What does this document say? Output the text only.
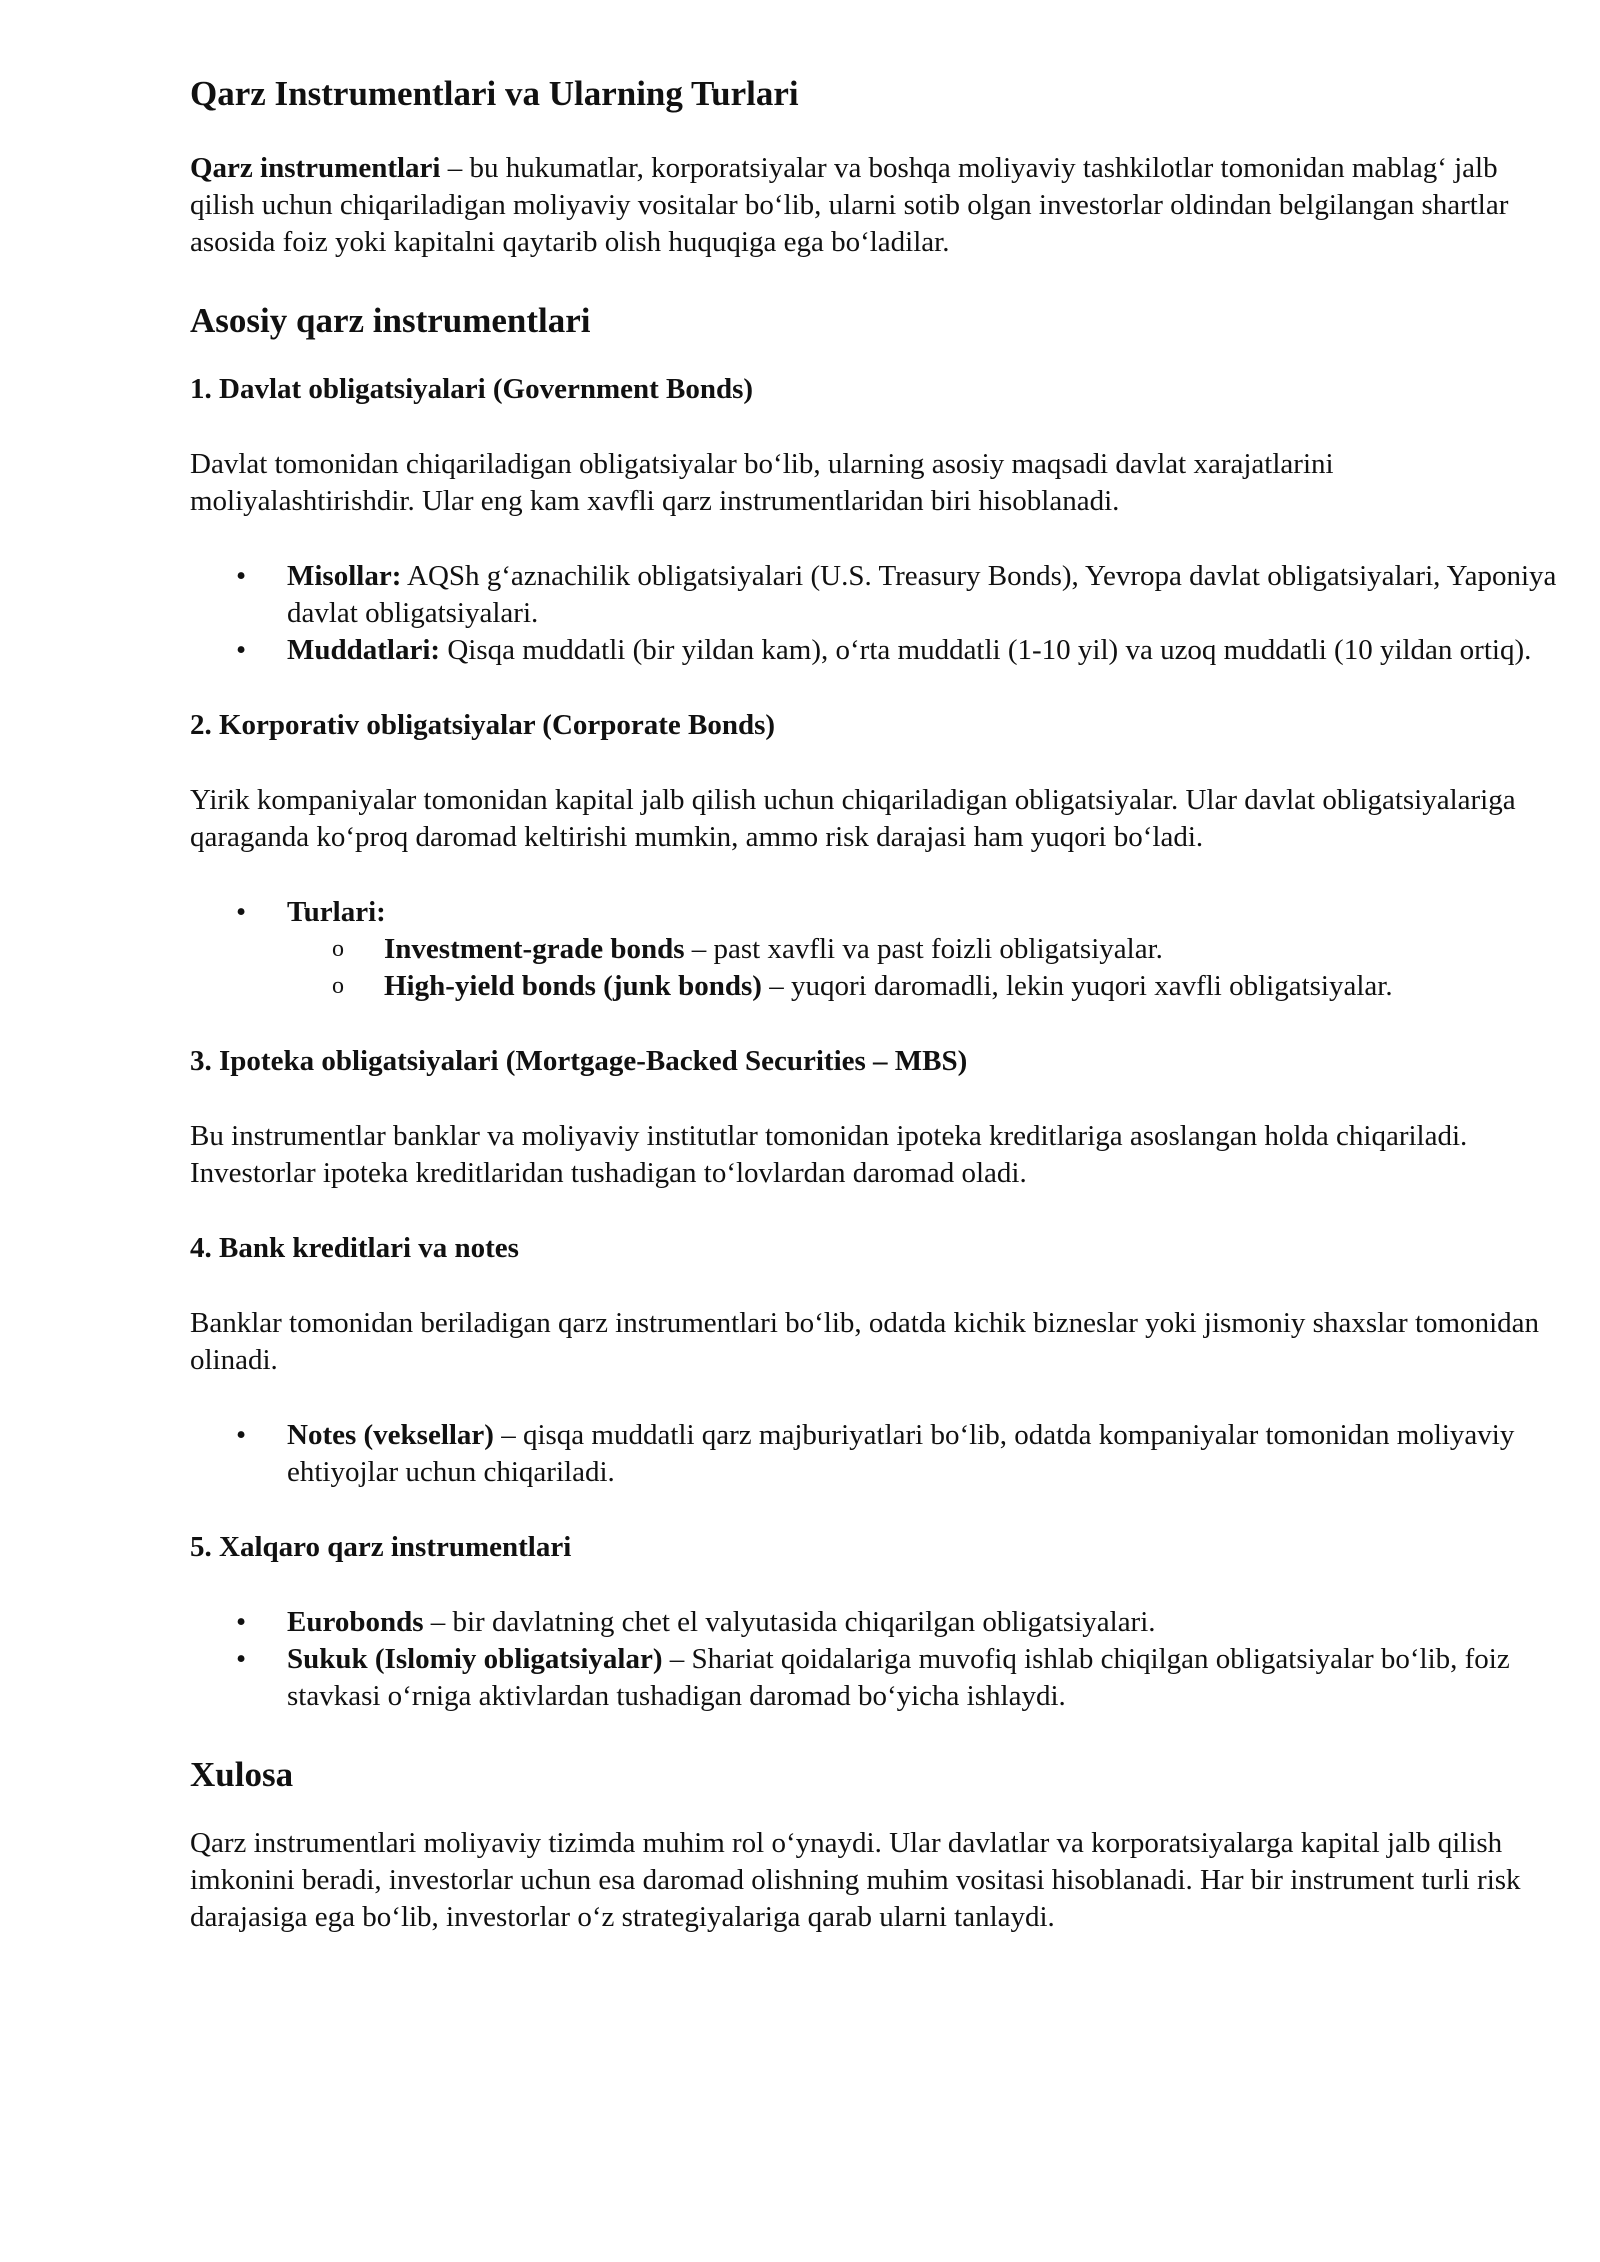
Qarz Instrumentlari va Ularning Turlari

Qarz instrumentlari – bu hukumatlar, korporatsiyalar va boshqa moliyaviy tashkilotlar tomonidan mablag‘ jalb qilish uchun chiqariladigan moliyaviy vositalar bo‘lib, ularni sotib olgan investorlar oldindan belgilangan shartlar asosida foiz yoki kapitalni qaytarib olish huquqiga ega bo‘ladilar.

Asosiy qarz instrumentlari
1. Davlat obligatsiyalari (Government Bonds)

Davlat tomonidan chiqariladigan obligatsiyalar bo‘lib, ularning asosiy maqsadi davlat xarajatlarini moliyalashtirishdir. Ular eng kam xavfli qarz instrumentlaridan biri hisoblanadi.

• Misollar: AQSh g‘aznachilik obligatsiyalari (U.S. Treasury Bonds), Yevropa davlat obligatsiyalari, Yaponiya davlat obligatsiyalari.
• Muddatlari: Qisqa muddatli (bir yildan kam), o‘rta muddatli (1-10 yil) va uzoq muddatli (10 yildan ortiq).
2. Korporativ obligatsiyalar (Corporate Bonds)

Yirik kompaniyalar tomonidan kapital jalb qilish uchun chiqariladigan obligatsiyalar. Ular davlat obligatsiyalariga qaraganda ko‘proq daromad keltirishi mumkin, ammo risk darajasi ham yuqori bo‘ladi.

• Turlari:
o Investment-grade bonds – past xavfli va past foizli obligatsiyalar.
o High-yield bonds (junk bonds) – yuqori daromadli, lekin yuqori xavfli obligatsiyalar.
3. Ipoteka obligatsiyalari (Mortgage-Backed Securities – MBS)

Bu instrumentlar banklar va moliyaviy institutlar tomonidan ipoteka kreditlariga asoslangan holda chiqariladi. Investorlar ipoteka kreditlaridan tushadigan to‘lovlardan daromad oladi.

4. Bank kreditlari va notes

Banklar tomonidan beriladigan qarz instrumentlari bo‘lib, odatda kichik bizneslar yoki jismoniy shaxslar tomonidan olinadi.

• Notes (veksellar) – qisqa muddatli qarz majburiyatlari bo‘lib, odatda kompaniyalar tomonidan moliyaviy ehtiyojlar uchun chiqariladi.
5. Xalqaro qarz instrumentlari
• Eurobonds – bir davlatning chet el valyutasida chiqarilgan obligatsiyalari.
• Sukuk (Islomiy obligatsiyalar) – Shariat qoidalariga muvofiq ishlab chiqilgan obligatsiyalar bo‘lib, foiz stavkasi o‘rniga aktivlardan tushadigan daromad bo‘yicha ishlaydi.
Xulosa

Qarz instrumentlari moliyaviy tizimda muhim rol o‘ynaydi. Ular davlatlar va korporatsiyalarga kapital jalb qilish imkonini beradi, investorlar uchun esa daromad olishning muhim vositasi hisoblanadi. Har bir instrument turli risk darajasiga ega bo‘lib, investorlar o‘z strategiyalariga qarab ularni tanlaydi.
